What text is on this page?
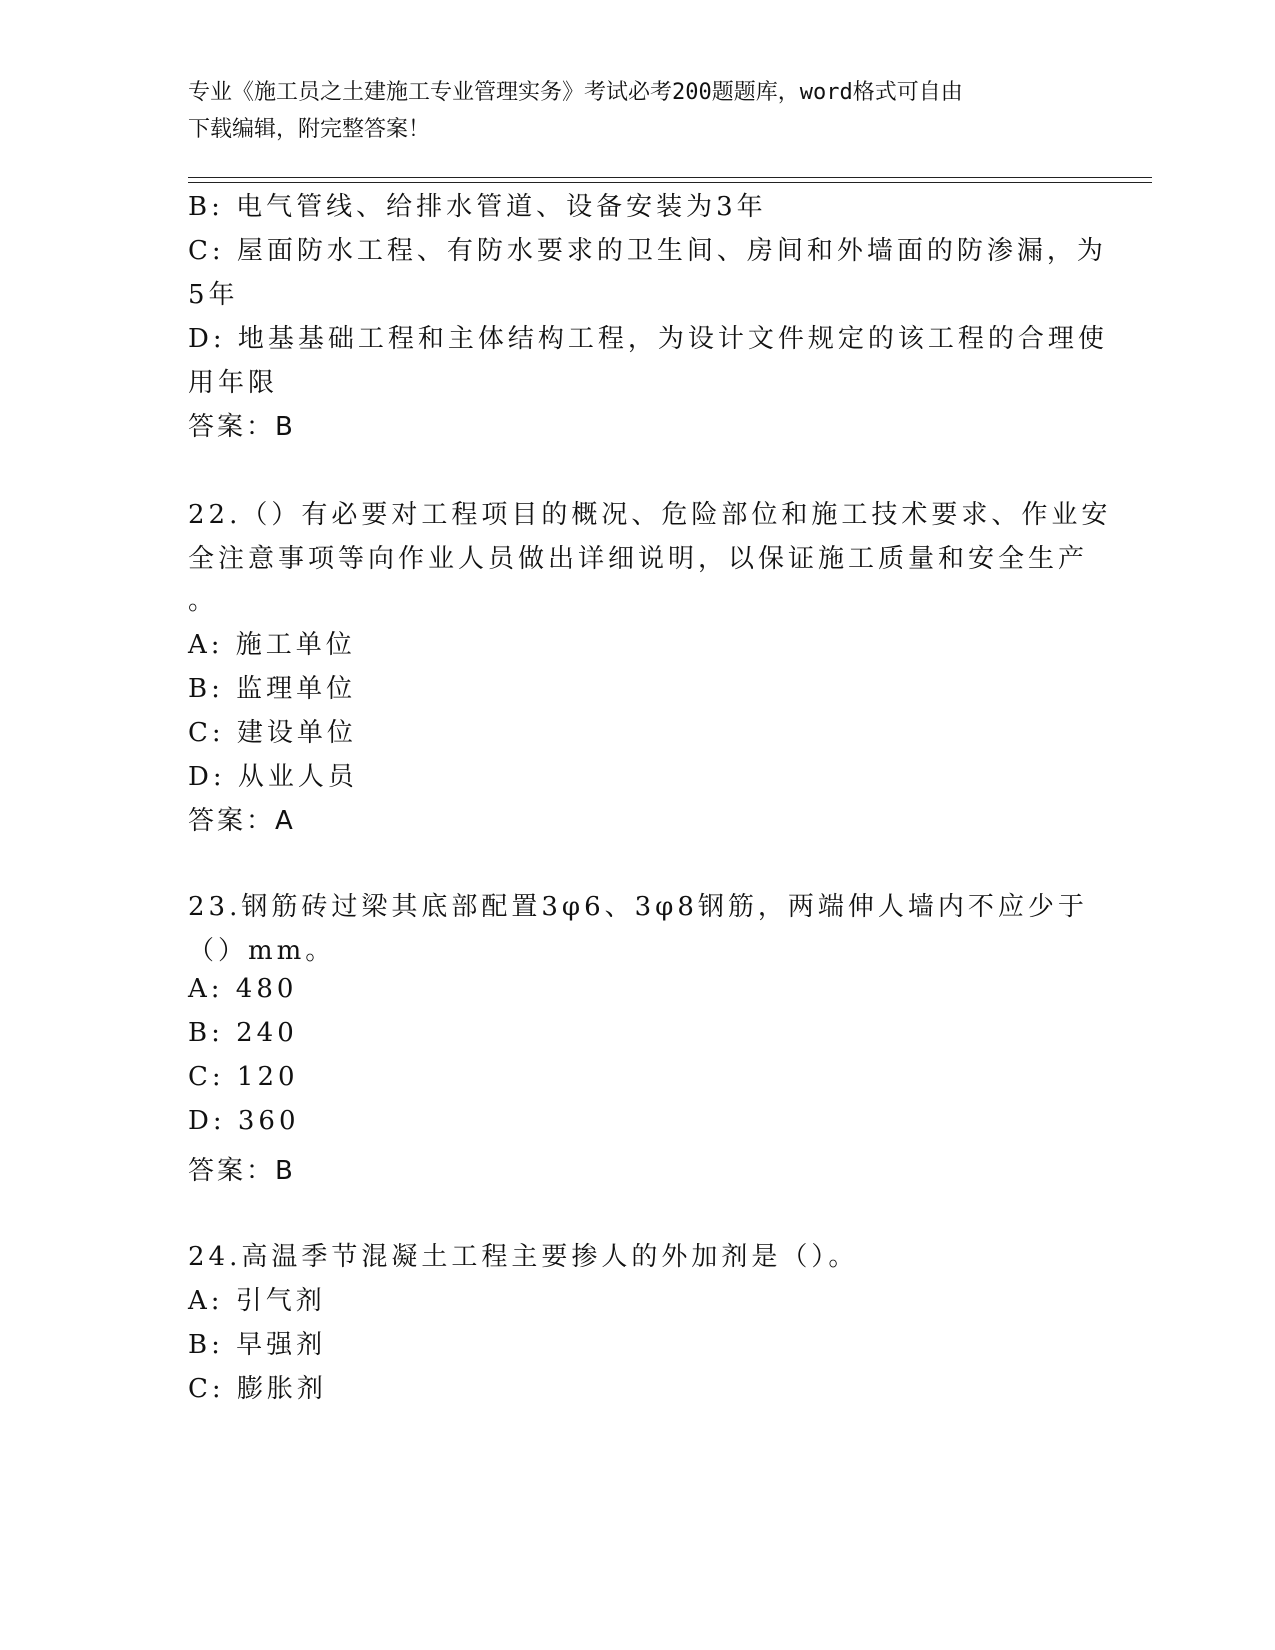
专业《施工员之土建施工专业管理实务》考试必考200题题库，word格式可自由
下载编辑，附完整答案！
B: 电气管线、给排水管道、设备安装为3年
C: 屋面防水工程、有防水要求的卫生间、房间和外墙面的防渗漏，为
5年
D: 地基基础工程和主体结构工程，为设计文件规定的该工程的合理使
用年限
答案：B
22.（）有必要对工程项目的概况、危险部位和施工技术要求、作业安
全注意事项等向作业人员做出详细说明，以保证施工质量和安全生产
。
A: 施工单位
B: 监理单位
C: 建设单位
D: 从业人员
答案：A
23.钢筋砖过梁其底部配置3φ6、3φ8钢筋，两端伸人墙内不应少于
（）mm。
A: 480
B: 240
C: 120
D: 360
答案：B
24.高温季节混凝土工程主要掺人的外加剂是（）。
A: 引气剂
B: 早强剂
C: 膨胀剂
